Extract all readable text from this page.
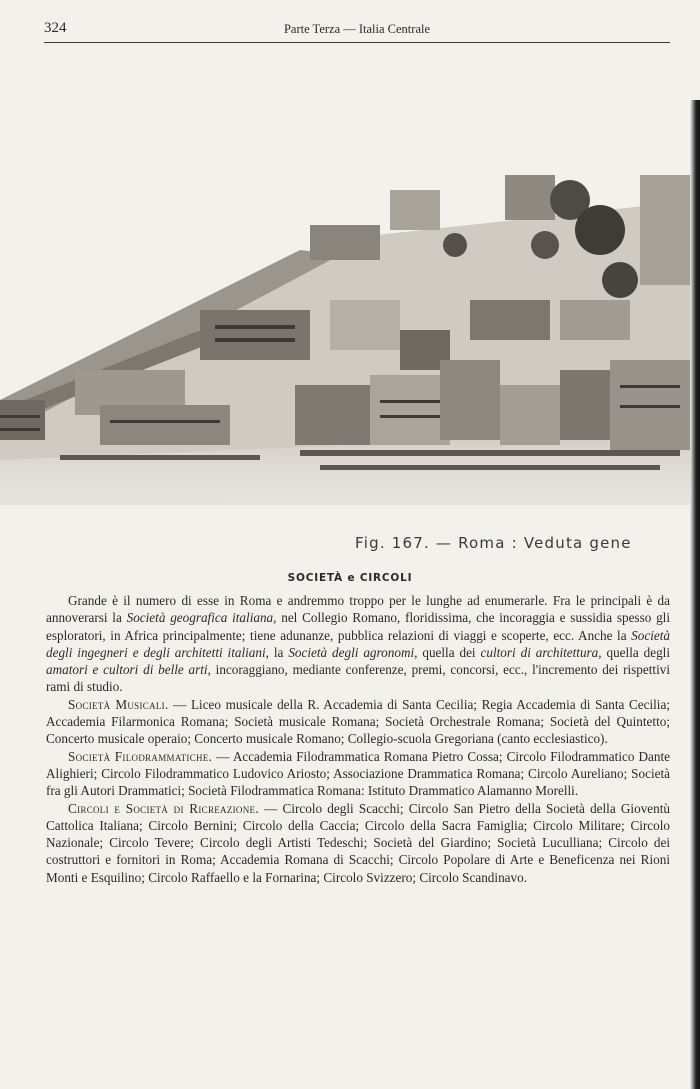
324	Parte Terza — Italia Centrale
Fig. 167. — Roma : Veduta gene
SOCIETÀ e CIRCOLI

Grande è il numero di esse in Roma e andremmo troppo per le lunghe ad enumerarle. Fra le principali è da annoverarsi la Società geografica italiana, nel Collegio Romano, floridissima, che incoraggia e sussidia spesso gli esploratori, in Africa principalmente; tiene adunanze, pubblica relazioni di viaggi e scoperte, ecc. Anche la Società degli ingegneri e degli architetti italiani, la Società degli agronomi, quella dei cultori di architettura, quella degli amatori e cultori di belle arti, incoraggiano, mediante conferenze, premi, concorsi, ecc., l'incremento dei rispettivi rami di studio.

Società Musicali. — Liceo musicale della R. Accademia di Santa Cecilia; Regia Accademia di Santa Cecilia; Accademia Filarmonica Romana; Società musicale Romana; Società Orchestrale Romana; Società del Quintetto; Concerto musicale operaio; Concerto musicale Romano; Collegio-scuola Gregoriana (canto ecclesiastico).

Società Filodrammatiche. — Accademia Filodrammatica Romana Pietro Cossa; Circolo Filodrammatico Dante Alighieri; Circolo Filodrammatico Ludovico Ariosto; Associazione Drammatica Romana; Circolo Aureliano; Società fra gli Autori Drammatici; Società Filodrammatica Romana: Istituto Drammatico Alamanno Morelli.

Circoli e Società di Ricreazione. — Circolo degli Scacchi; Circolo San Pietro della Società della Gioventù Cattolica Italiana; Circolo Bernini; Circolo della Caccia; Circolo della Sacra Famiglia; Circolo Militare; Circolo Nazionale; Circolo Tevere; Circolo degli Artisti Tedeschi; Società del Giardino; Società Luculliana; Circolo dei costruttori e fornitori in Roma; Accademia Romana di Scacchi; Circolo Popolare di Arte e Beneficenza nei Rioni Monti e Esquilino; Circolo Raffaello e la Fornarina; Circolo Svizzero; Circolo Scandinavo.
